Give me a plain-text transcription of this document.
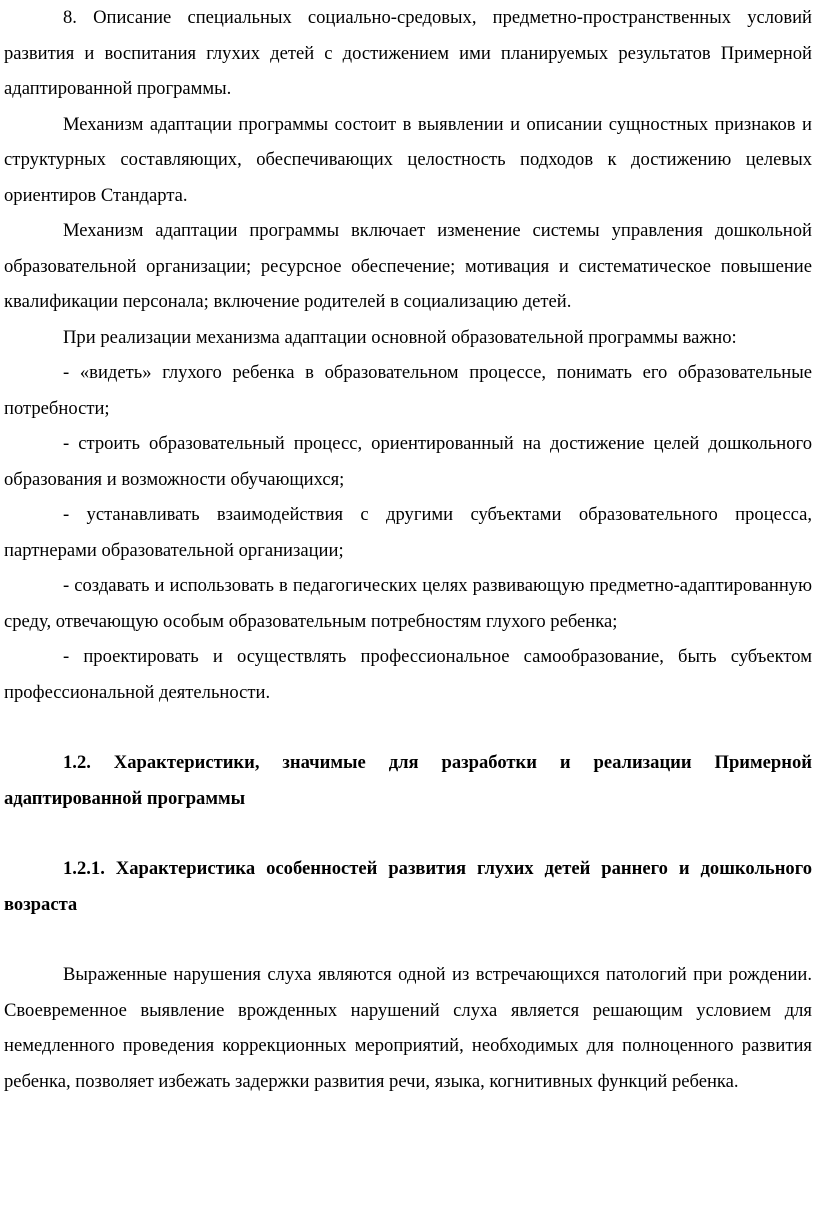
8. Описание специальных социально-средовых, предметно-пространственных условий развития и воспитания глухих детей с достижением ими планируемых результатов Примерной адаптированной программы.

Механизм адаптации программы состоит в выявлении и описании сущностных признаков и структурных составляющих, обеспечивающих целостность подходов к достижению целевых ориентиров Стандарта.

Механизм адаптации программы включает изменение системы управления дошкольной образовательной организации; ресурсное обеспечение; мотивация и систематическое повышение квалификации персонала; включение родителей в социализацию детей.

При реализации механизма адаптации основной образовательной программы важно:

- «видеть» глухого ребенка в образовательном процессе, понимать его образовательные потребности;

- строить образовательный процесс, ориентированный на достижение целей дошкольного образования и возможности обучающихся;

- устанавливать взаимодействия с другими субъектами образовательного процесса, партнерами образовательной организации;

- создавать и использовать в педагогических целях развивающую предметно-адаптированную среду, отвечающую особым образовательным потребностям глухого ребенка;

- проектировать и осуществлять профессиональное самообразование, быть субъектом профессиональной деятельности.

1.2. Характеристики, значимые для разработки и реализации Примерной адаптированной программы
1.2.1. Характеристика особенностей развития глухих детей раннего и дошкольного возраста

Выраженные нарушения слуха являются одной из встречающихся патологий при рождении. Своевременное выявление врожденных нарушений слуха является решающим условием для немедленного проведения коррекционных мероприятий, необходимых для полноценного развития ребенка, позволяет избежать задержки развития речи, языка, когнитивных функций ребенка.
